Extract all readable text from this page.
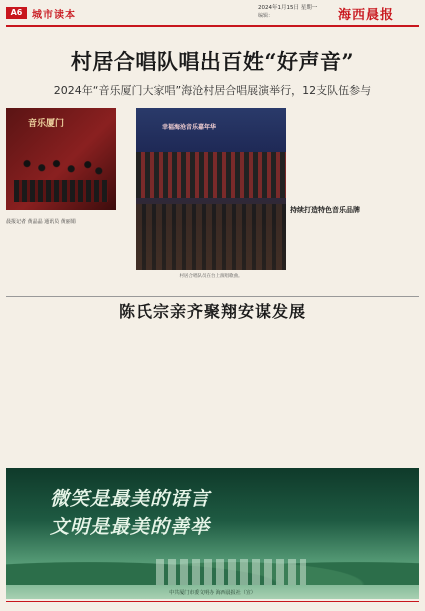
A6 城市读本
2024年1月15日 星期一
编辑：	海西晨报
村居合唱队唱出百姓“好声音”
2024年“音乐厦门大家唱”海沧村居合唱展演举行，12支队伍参与
音乐厦门
晨报记者 黄晶晶 通讯员 黄丽娟
幸福海沧音乐嘉年华
村居合唱队员在台上演唱歌曲。
持续打造特色音乐品牌
陈氏宗亲齐聚翔安谋发展
微笑是最美的语言
文明是最美的善举
中共厦门市委文明办 海西晨报社（宣）
